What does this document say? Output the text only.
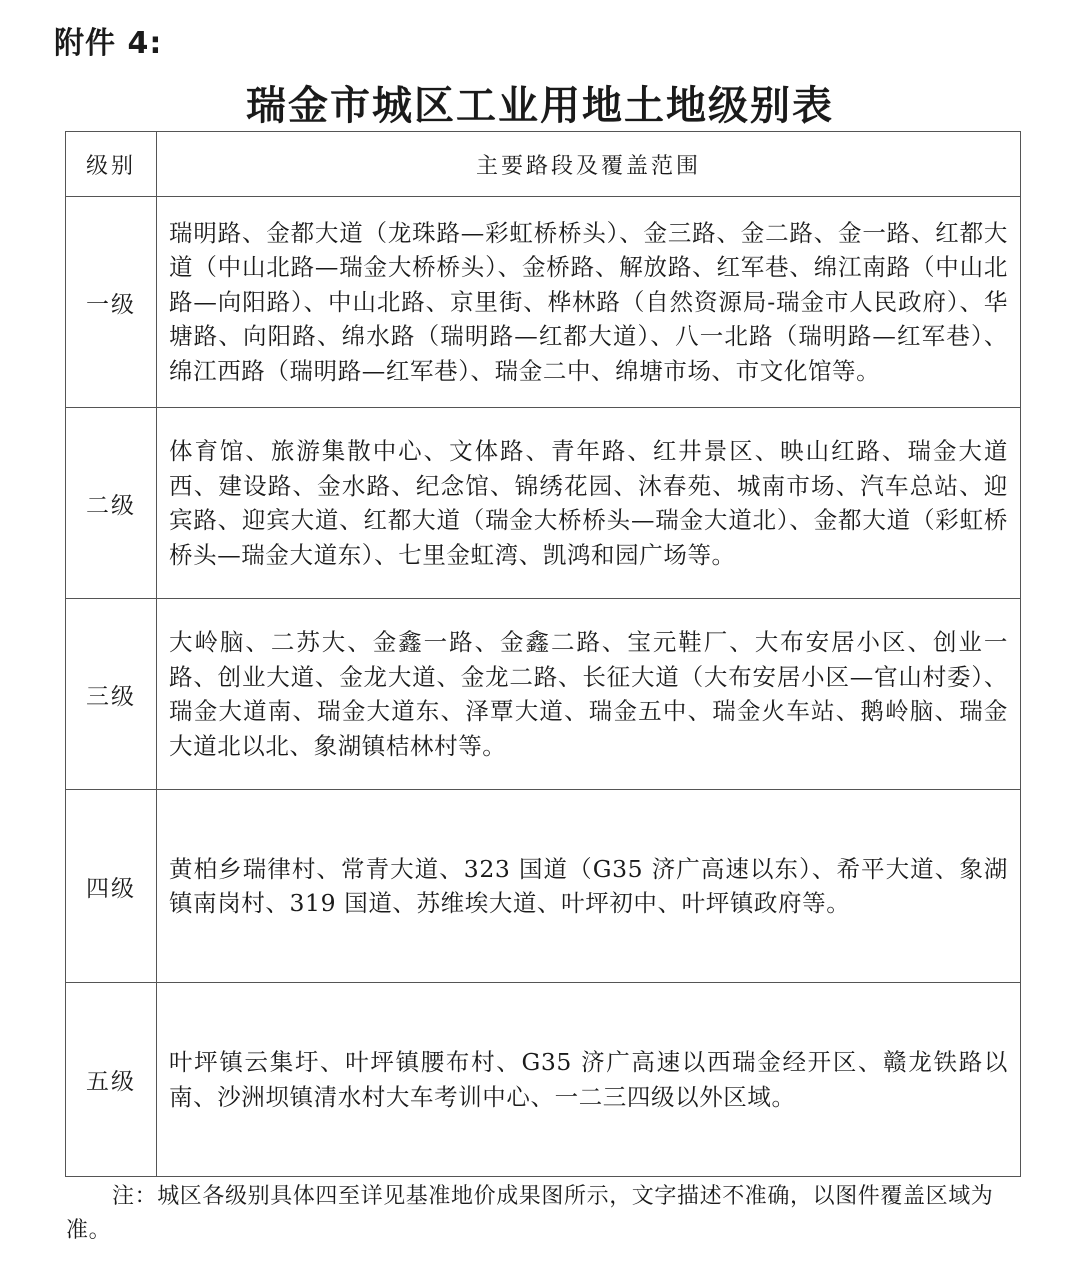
附件 4:
瑞金市城区工业用地土地级别表
级别	主要路段及覆盖范围
一级	瑞明路、金都大道（龙珠路—彩虹桥桥头）、金三路、金二路、金一路、红都大道（中山北路—瑞金大桥桥头）、金桥路、解放路、红军巷、绵江南路（中山北路—向阳路）、中山北路、京里街、桦林路（自然资源局-瑞金市人民政府）、华塘路、向阳路、绵水路（瑞明路—红都大道）、八一北路（瑞明路—红军巷）、绵江西路（瑞明路—红军巷）、瑞金二中、绵塘市场、市文化馆等。
二级	体育馆、旅游集散中心、文体路、青年路、红井景区、映山红路、瑞金大道西、建设路、金水路、纪念馆、锦绣花园、沐春苑、城南市场、汽车总站、迎宾路、迎宾大道、红都大道（瑞金大桥桥头—瑞金大道北）、金都大道（彩虹桥桥头—瑞金大道东）、七里金虹湾、凯鸿和园广场等。
三级	大岭脑、二苏大、金鑫一路、金鑫二路、宝元鞋厂、大布安居小区、创业一路、创业大道、金龙大道、金龙二路、长征大道（大布安居小区—官山村委）、瑞金大道南、瑞金大道东、泽覃大道、瑞金五中、瑞金火车站、鹅岭脑、瑞金大道北以北、象湖镇桔林村等。
四级	黄柏乡瑞律村、常青大道、323 国道（G35 济广高速以东）、希平大道、象湖镇南岗村、319 国道、苏维埃大道、叶坪初中、叶坪镇政府等。
五级	叶坪镇云集圩、叶坪镇腰布村、G35 济广高速以西瑞金经开区、赣龙铁路以南、沙洲坝镇清水村大车考训中心、一二三四级以外区域。
注：城区各级别具体四至详见基准地价成果图所示，文字描述不准确，以图件覆盖区域为准。
